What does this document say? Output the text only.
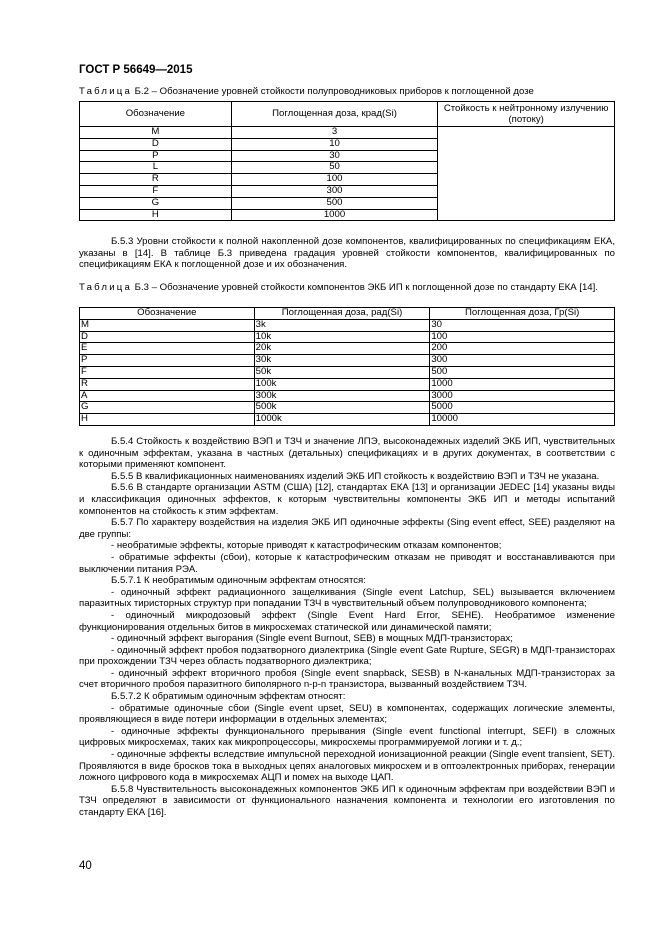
ГОСТ Р 56649—2015
Таблица Б.2 – Обозначение уровней стойкости полупроводниковых приборов к поглощенной дозе
Обозначение	Поглощенная доза, крад(Si)	Стойкость к нейтронному излучению (потоку)
M	3	
D	10	
P	30	
L	50	
R	100	
F	300	
G	500	
H	1000	

Б.5.3 Уровни стойкости к полной накопленной дозе компонентов, квалифицированных по спецификациям ЕКА, указаны в [14]. В таблице Б.3 приведена градация уровней стойкости компонентов, квалифицированных по спецификациям ЕКА к поглощенной дозе и их обозначения.

Таблица Б.3 – Обозначение уровней стойкости компонентов ЭКБ ИП к поглощенной дозе по стандарту ЕКА [14].
Обозначение	Поглощенная доза, рад(Si)	Поглощенная доза, Гр(Si)
M	3k	30
D	10k	100
E	20k	200
P	30k	300
F	50k	500
R	100k	1000
A	300k	3000
G	500k	5000
H	1000k	10000

Б.5.4 Стойкость к воздействию ВЭП и ТЗЧ и значение ЛПЭ, высоконадежных изделий ЭКБ ИП, чувствительных к одиночным эффектам, указана в частных (детальных) спецификациях и в других документах, в соответствии с которыми применяют компонент.

Б.5.5 В квалификационных наименованиях изделий ЭКБ ИП стойкость к воздействию ВЭП и ТЗЧ не указана.

Б.5.6 В стандарте организации ASTM (США) [12], стандартах ЕКА [13] и организации JEDEC [14] указаны виды и классификация одиночных эффектов, к которым чувствительны компоненты ЭКБ ИП и методы испытаний компонентов на стойкость к этим эффектам.

Б.5.7 По характеру воздействия на изделия ЭКБ ИП одиночные эффекты (Sing event effect, SEE) разделяют на две группы:

- необратимые эффекты, которые приводят к катастрофическим отказам компонентов;

- обратимые эффекты (сбои), которые к катастрофическим отказам не приводят и восстанавливаются при выключении питания РЭА.

Б.5.7.1 К необратимым одиночным эффектам относятся:

- одиночный эффект радиационного защелкивания (Single event Latchup, SEL) вызывается включением паразитных тиристорных структур при попадании ТЗЧ в чувствительный объем полупроводникового компонента;

- одиночный микродозовый эффект (Single Event Hard Error, SEHE). Необратимое изменение функционирования отдельных битов в микросхемах статической или динамической памяти;

- одиночный эффект выгорания (Single event Burnout, SEB) в мощных МДП-транзисторах;

- одиночный эффект пробоя подзатворного диэлектрика (Single event Gate Rupture, SEGR) в МДП-транзисторах при прохождении ТЗЧ через область подзатворного диэлектрика;

- одиночный эффект вторичного пробоя (Single event snapback, SESB) в N-канальных МДП-транзисторах за счет вторичного пробоя паразитного биполярного n-p-n транзистора, вызванный воздействием ТЗЧ.

Б.5.7.2 К обратимым одиночным эффектам относят:

- обратимые одиночные сбои (Single event upset, SEU) в компонентах, содержащих логические элементы, проявляющиеся в виде потери информации в отдельных элементах;

- одиночные эффекты функционального прерывания (Single event functional interrupt, SEFI) в сложных цифровых микросхемах, таких как микропроцессоры, микросхемы программируемой логики и т. д.;

- одиночные эффекты вследствие импульсной переходной ионизационной реакции (Single event transient, SET). Проявляются в виде бросков тока в выходных цепях аналоговых микросхем и в оптоэлектронных приборах, генерации ложного цифрового кода в микросхемах АЦП и помех на выходе ЦАП.

Б.5.8 Чувствительность высоконадежных компонентов ЭКБ ИП к одиночным эффектам при воздействии ВЭП и ТЗЧ определяют в зависимости от функционального назначения компонента и технологии его изготовления по стандарту ЕКА [16].

40
